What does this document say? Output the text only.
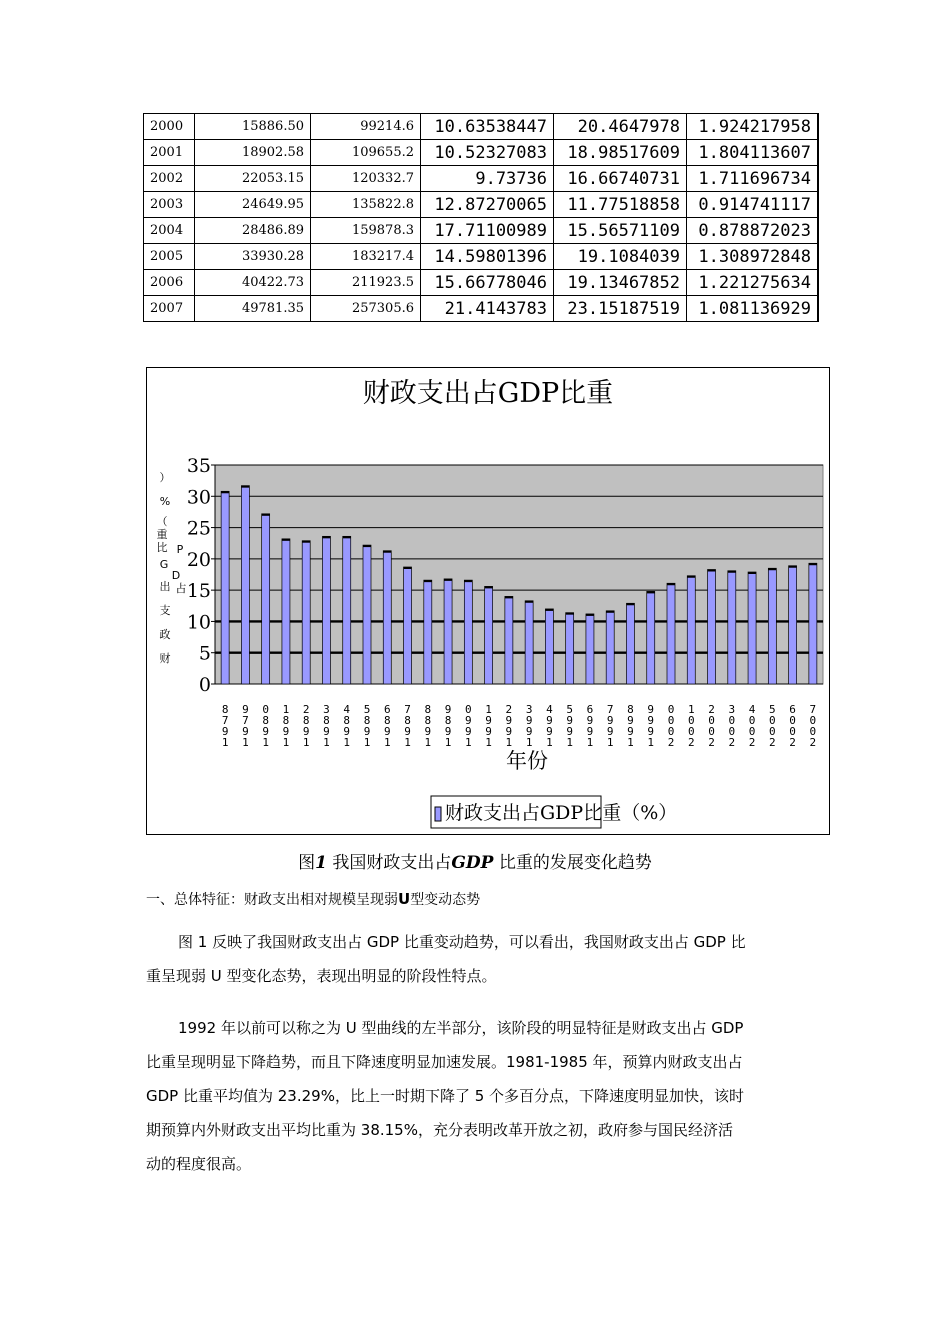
2000	15886.50	99214.6	10.63538447	20.4647978	1.924217958
2001	18902.58	109655.2	10.52327083	18.98517609	1.804113607
2002	22053.15	120332.7	9.73736	16.66740731	1.711696734
2003	24649.95	135822.8	12.87270065	11.77518858	0.914741117
2004	28486.89	159878.3	17.71100989	15.56571109	0.878872023
2005	33930.28	183217.4	14.59801396	19.1084039	1.308972848
2006	40422.73	211923.5	15.66778046	19.13467852	1.221275634
2007	49781.35	257305.6	21.4143783	23.15187519	1.081136929
财政支出占GDP比重
0
5
10
15
20
25
30
35
8 7 9 1
9 7 9 1
0 8 9 1
1 8 9 1
2 8 9 1
3 8 9 1
4 8 9 1
5 8 9 1
6 8 9 1
7 8 9 1
8 8 9 1
9 8 9 1
0 9 9 1
1 9 9 1
2 9 9 1
3 9 9 1
4 9 9 1
5 9 9 1
6 9 9 1
7 9 9 1
8 9 9 1
9 9 9 1
0 0 0 2
1 0 0 2
2 0 0 2
3 0 0 2
4 0 0 2
5 0 0 2
6 0 0 2
7 0 0 2
年份
）%（重比 P DG占出支政财
财政支出占GDP比重（%）
图1 我国财政支出占GDP 比重的发展变化趋势
一、总体特征：财政支出相对规模呈现弱U型变动态势
图 1 反映了我国财政支出占 GDP 比重变动趋势，可以看出，我国财政支出占 GDP 比
重呈现弱 U 型变化态势，表现出明显的阶段性特点。
1992 年以前可以称之为 U 型曲线的左半部分，该阶段的明显特征是财政支出占 GDP
比重呈现明显下降趋势，而且下降速度明显加速发展。1981-1985 年，预算内财政支出占
GDP 比重平均值为 23.29%，比上一时期下降了 5 个多百分点，下降速度明显加快，该时
期预算内外财政支出平均比重为 38.15%，充分表明改革开放之初，政府参与国民经济活
动的程度很高。
